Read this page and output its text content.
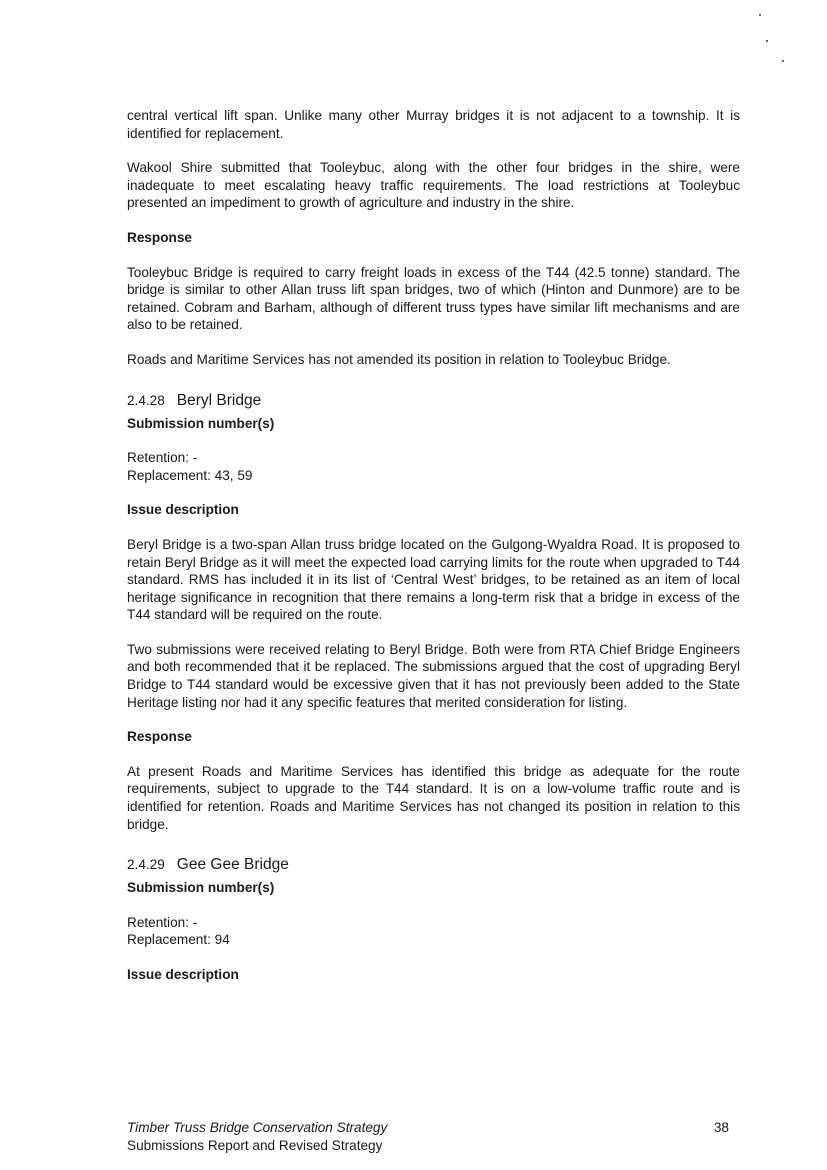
central vertical lift span. Unlike many other Murray bridges it is not adjacent to a township. It is identified for replacement.

Wakool Shire submitted that Tooleybuc, along with the other four bridges in the shire, were inadequate to meet escalating heavy traffic requirements. The load restrictions at Tooleybuc presented an impediment to growth of agriculture and industry in the shire.

Response

Tooleybuc Bridge is required to carry freight loads in excess of the T44 (42.5 tonne) standard. The bridge is similar to other Allan truss lift span bridges, two of which (Hinton and Dunmore) are to be retained. Cobram and Barham, although of different truss types have similar lift mechanisms and are also to be retained.

Roads and Maritime Services has not amended its position in relation to Tooleybuc Bridge.

2.4.28 Beryl Bridge

Submission number(s)

Retention: -
Replacement: 43, 59

Issue description

Beryl Bridge is a two-span Allan truss bridge located on the Gulgong-Wyaldra Road. It is proposed to retain Beryl Bridge as it will meet the expected load carrying limits for the route when upgraded to T44 standard. RMS has included it in its list of ‘Central West’ bridges, to be retained as an item of local heritage significance in recognition that there remains a long-term risk that a bridge in excess of the T44 standard will be required on the route.

Two submissions were received relating to Beryl Bridge. Both were from RTA Chief Bridge Engineers and both recommended that it be replaced. The submissions argued that the cost of upgrading Beryl Bridge to T44 standard would be excessive given that it has not previously been added to the State Heritage listing nor had it any specific features that merited consideration for listing.

Response

At present Roads and Maritime Services has identified this bridge as adequate for the route requirements, subject to upgrade to the T44 standard. It is on a low-volume traffic route and is identified for retention. Roads and Maritime Services has not changed its position in relation to this bridge.

2.4.29 Gee Gee Bridge

Submission number(s)

Retention: -
Replacement: 94

Issue description

Timber Truss Bridge Conservation Strategy
Submissions Report and Revised Strategy
38
